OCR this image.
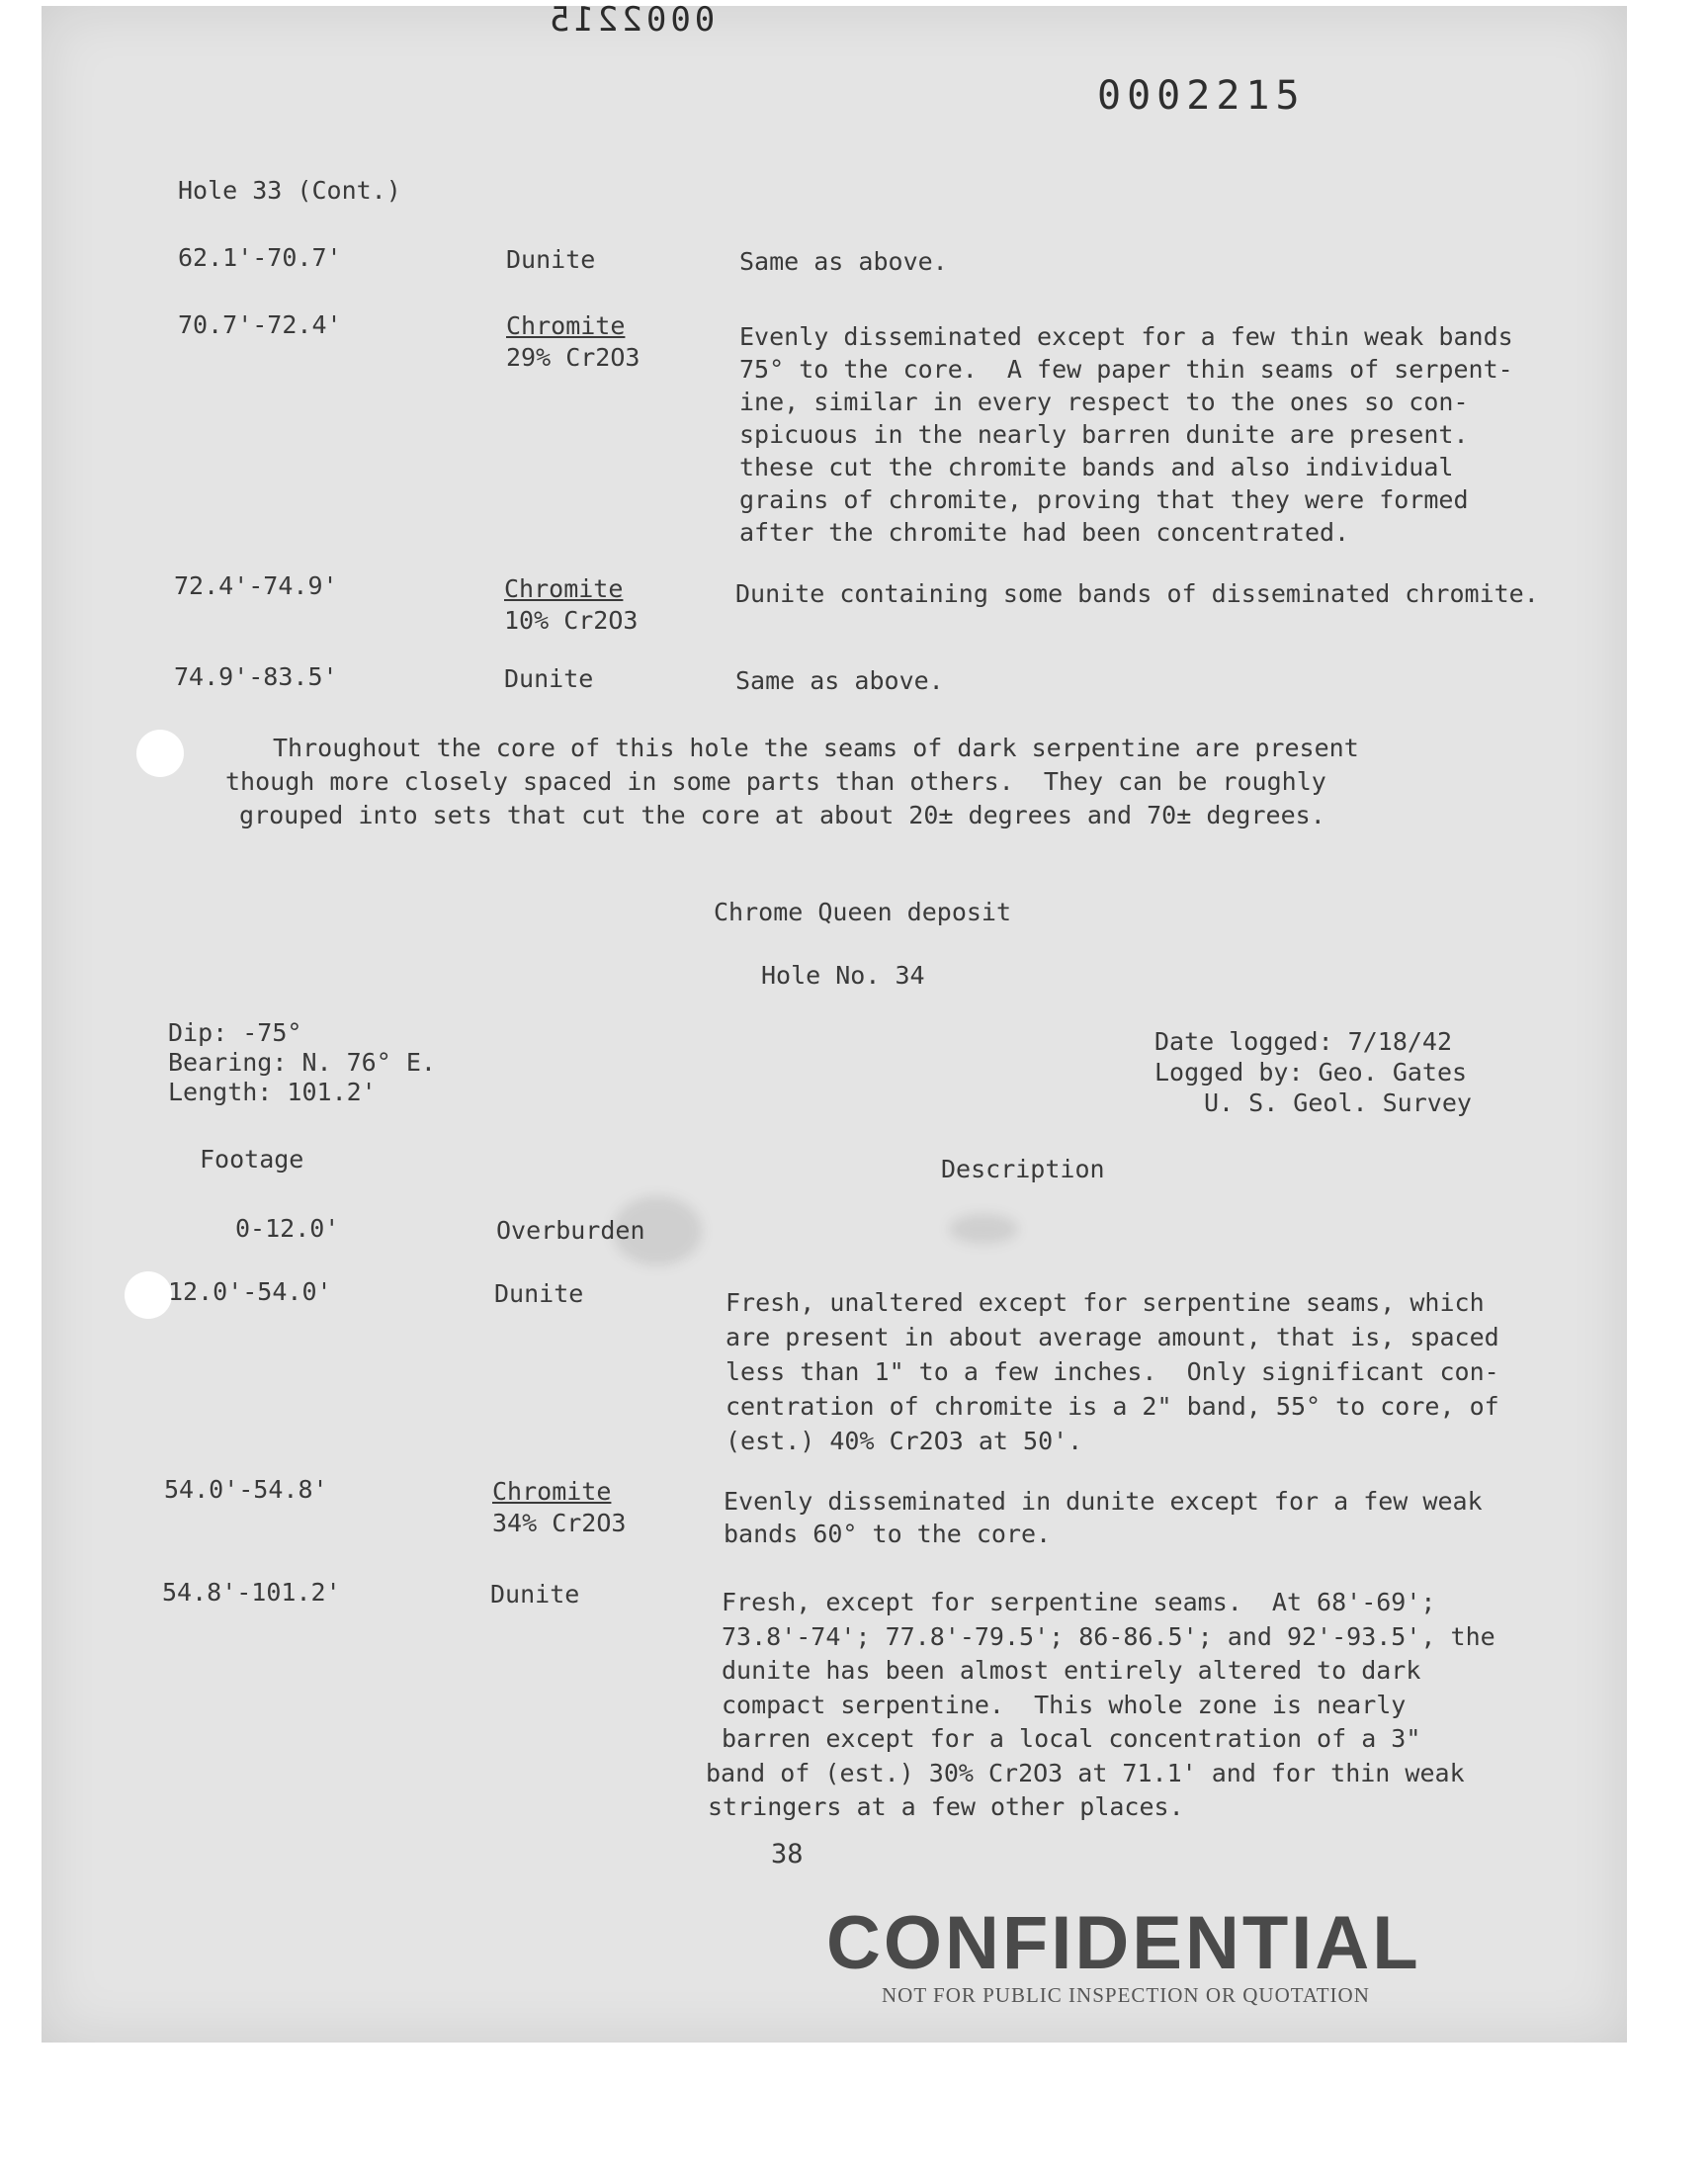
0002215
0002215
Hole 33 (Cont.)
62.1'-70.7'	Dunite	Same as above.
70.7'-72.4'	Chromite
29% Cr2O3
Evenly disseminated except for a few thin weak bands
75° to the core.  A few paper thin seams of serpent-
ine, similar in every respect to the ones so con-
spicuous in the nearly barren dunite are present.
these cut the chromite bands and also individual
grains of chromite, proving that they were formed
after the chromite had been concentrated.
72.4'-74.9'	Chromite
10% Cr2O3
Dunite containing some bands of disseminated chromite.
74.9'-83.5'	Dunite	Same as above.
Throughout the core of this hole the seams of dark serpentine are present
though more closely spaced in some parts than others.  They can be roughly
grouped into sets that cut the core at about 20± degrees and 70± degrees.
Chrome Queen deposit
Hole No. 34
Dip: -75°
Bearing: N. 76° E.
Length: 101.2'
Date logged: 7/18/42
Logged by: Geo. Gates
U. S. Geol. Survey
Footage	Description
0-12.0'	Overburden
12.0'-54.0'	Dunite	Fresh, unaltered except for serpentine seams, which
are present in about average amount, that is, spaced
less than 1" to a few inches.  Only significant con-
centration of chromite is a 2" band, 55° to core, of
(est.) 40% Cr2O3 at 50'.
54.0'-54.8'	Chromite
34% Cr2O3
Evenly disseminated in dunite except for a few weak
bands 60° to the core.
54.8'-101.2'	Dunite	Fresh, except for serpentine seams.  At 68'-69';
73.8'-74'; 77.8'-79.5'; 86-86.5'; and 92'-93.5', the
dunite has been almost entirely altered to dark
compact serpentine.  This whole zone is nearly
barren except for a local concentration of a 3"
band of (est.) 30% Cr2O3 at 71.1' and for thin weak
stringers at a few other places.
38
CONFIDENTIAL
NOT FOR PUBLIC INSPECTION OR QUOTATION
